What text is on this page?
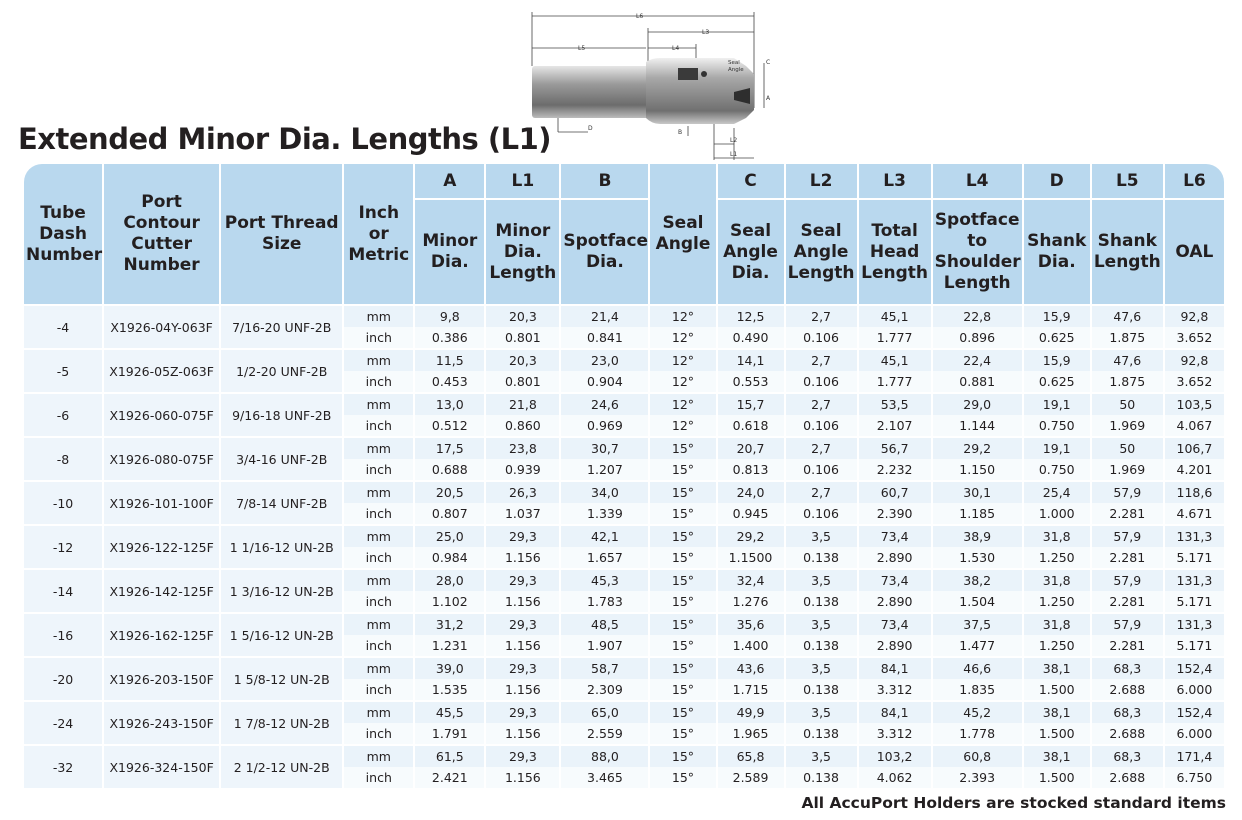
Extended Minor Dia. Lengths (L1)
L6
L3
L5	L4
Seal
Angle
C
A
D
B
L2
L1
Tube Dash Number	Port Contour Cutter Number	Port Thread Size	Inch or Metric	A	L1	B	Seal Angle	C	L2	L3	L4	D	L5	L6
				Minor Dia.	Minor Dia. Length	Spotface Dia.		Seal Angle Dia.	Seal Angle Length	Total Head Length	Spotface to Shoulder Length	Shank Dia.	Shank Length	OAL
-4	X1926-04Y-063F	7/16-20 UNF-2B	mm	9,8	20,3	21,4	12°	12,5	2,7	45,1	22,8	15,9	47,6	92,8
			inch	0.386	0.801	0.841	12°	0.490	0.106	1.777	0.896	0.625	1.875	3.652
-5	X1926-05Z-063F	1/2-20 UNF-2B	mm	11,5	20,3	23,0	12°	14,1	2,7	45,1	22,4	15,9	47,6	92,8
			inch	0.453	0.801	0.904	12°	0.553	0.106	1.777	0.881	0.625	1.875	3.652
-6	X1926-060-075F	9/16-18 UNF-2B	mm	13,0	21,8	24,6	12°	15,7	2,7	53,5	29,0	19,1	50	103,5
			inch	0.512	0.860	0.969	12°	0.618	0.106	2.107	1.144	0.750	1.969	4.067
-8	X1926-080-075F	3/4-16 UNF-2B	mm	17,5	23,8	30,7	15°	20,7	2,7	56,7	29,2	19,1	50	106,7
			inch	0.688	0.939	1.207	15°	0.813	0.106	2.232	1.150	0.750	1.969	4.201
-10	X1926-101-100F	7/8-14 UNF-2B	mm	20,5	26,3	34,0	15°	24,0	2,7	60,7	30,1	25,4	57,9	118,6
			inch	0.807	1.037	1.339	15°	0.945	0.106	2.390	1.185	1.000	2.281	4.671
-12	X1926-122-125F	1 1/16-12 UN-2B	mm	25,0	29,3	42,1	15°	29,2	3,5	73,4	38,9	31,8	57,9	131,3
			inch	0.984	1.156	1.657	15°	1.1500	0.138	2.890	1.530	1.250	2.281	5.171
-14	X1926-142-125F	1 3/16-12 UN-2B	mm	28,0	29,3	45,3	15°	32,4	3,5	73,4	38,2	31,8	57,9	131,3
			inch	1.102	1.156	1.783	15°	1.276	0.138	2.890	1.504	1.250	2.281	5.171
-16	X1926-162-125F	1 5/16-12 UN-2B	mm	31,2	29,3	48,5	15°	35,6	3,5	73,4	37,5	31,8	57,9	131,3
			inch	1.231	1.156	1.907	15°	1.400	0.138	2.890	1.477	1.250	2.281	5.171
-20	X1926-203-150F	1 5/8-12 UN-2B	mm	39,0	29,3	58,7	15°	43,6	3,5	84,1	46,6	38,1	68,3	152,4
			inch	1.535	1.156	2.309	15°	1.715	0.138	3.312	1.835	1.500	2.688	6.000
-24	X1926-243-150F	1 7/8-12 UN-2B	mm	45,5	29,3	65,0	15°	49,9	3,5	84,1	45,2	38,1	68,3	152,4
			inch	1.791	1.156	2.559	15°	1.965	0.138	3.312	1.778	1.500	2.688	6.000
-32	X1926-324-150F	2 1/2-12 UN-2B	mm	61,5	29,3	88,0	15°	65,8	3,5	103,2	60,8	38,1	68,3	171,4
			inch	2.421	1.156	3.465	15°	2.589	0.138	4.062	2.393	1.500	2.688	6.750
All AccuPort Holders are stocked standard items
